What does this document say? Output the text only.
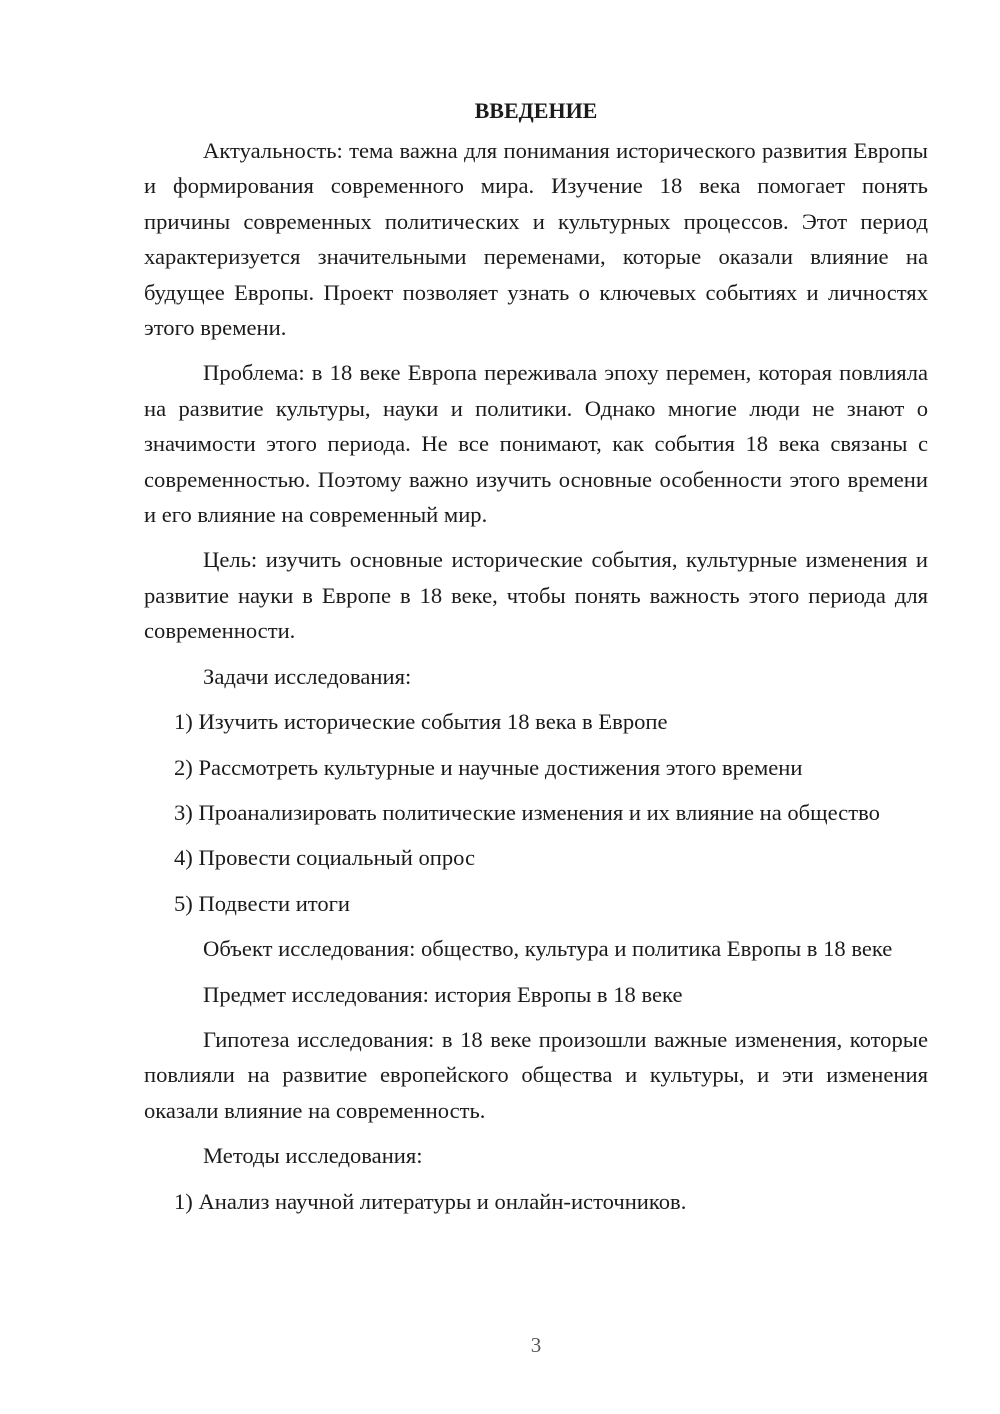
ВВЕДЕНИЕ

Актуальность: тема важна для понимания исторического развития Европы и формирования современного мира. Изучение 18 века помогает понять причины современных политических и культурных процессов. Этот период характеризуется значительными переменами, которые оказали влияние на будущее Европы. Проект позволяет узнать о ключевых событиях и личностях этого времени.

Проблема: в 18 веке Европа переживала эпоху перемен, которая повлияла на развитие культуры, науки и политики. Однако многие люди не знают о значимости этого периода. Не все понимают, как события 18 века связаны с современностью. Поэтому важно изучить основные особенности этого времени и его влияние на современный мир.

Цель: изучить основные исторические события, культурные изменения и развитие науки в Европе в 18 веке, чтобы понять важность этого периода для современности.

Задачи исследования:

1) Изучить исторические события 18 века в Европе

2) Рассмотреть культурные и научные достижения этого времени

3) Проанализировать политические изменения и их влияние на общество

4) Провести социальный опрос

5) Подвести итоги

Объект исследования: общество, культура и политика Европы в 18 веке

Предмет исследования: история Европы в 18 веке

Гипотеза исследования: в 18 веке произошли важные изменения, которые повлияли на развитие европейского общества и культуры, и эти изменения оказали влияние на современность.

Методы исследования:

1) Анализ научной литературы и онлайн-источников.

3
